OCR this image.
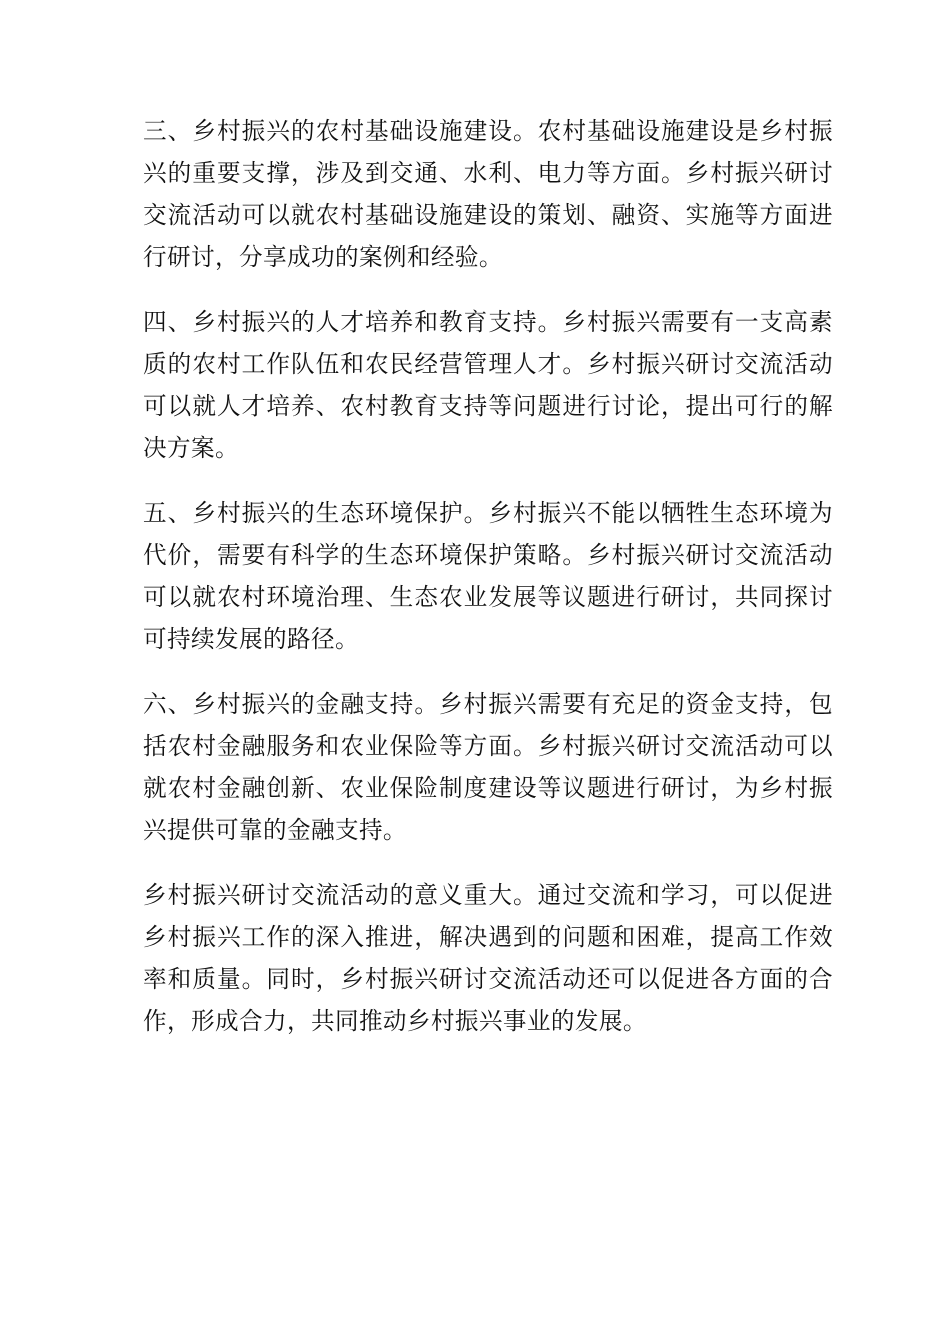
三、乡村振兴的农村基础设施建设。农村基础设施建设是乡村振兴的重要支撑，涉及到交通、水利、电力等方面。乡村振兴研讨交流活动可以就农村基础设施建设的策划、融资、实施等方面进行研讨，分享成功的案例和经验。

四、乡村振兴的人才培养和教育支持。乡村振兴需要有一支高素质的农村工作队伍和农民经营管理人才。乡村振兴研讨交流活动可以就人才培养、农村教育支持等问题进行讨论，提出可行的解决方案。

五、乡村振兴的生态环境保护。乡村振兴不能以牺牲生态环境为代价，需要有科学的生态环境保护策略。乡村振兴研讨交流活动可以就农村环境治理、生态农业发展等议题进行研讨，共同探讨可持续发展的路径。

六、乡村振兴的金融支持。乡村振兴需要有充足的资金支持，包括农村金融服务和农业保险等方面。乡村振兴研讨交流活动可以就农村金融创新、农业保险制度建设等议题进行研讨，为乡村振兴提供可靠的金融支持。

乡村振兴研讨交流活动的意义重大。通过交流和学习，可以促进乡村振兴工作的深入推进，解决遇到的问题和困难，提高工作效率和质量。同时，乡村振兴研讨交流活动还可以促进各方面的合作，形成合力，共同推动乡村振兴事业的发展。
